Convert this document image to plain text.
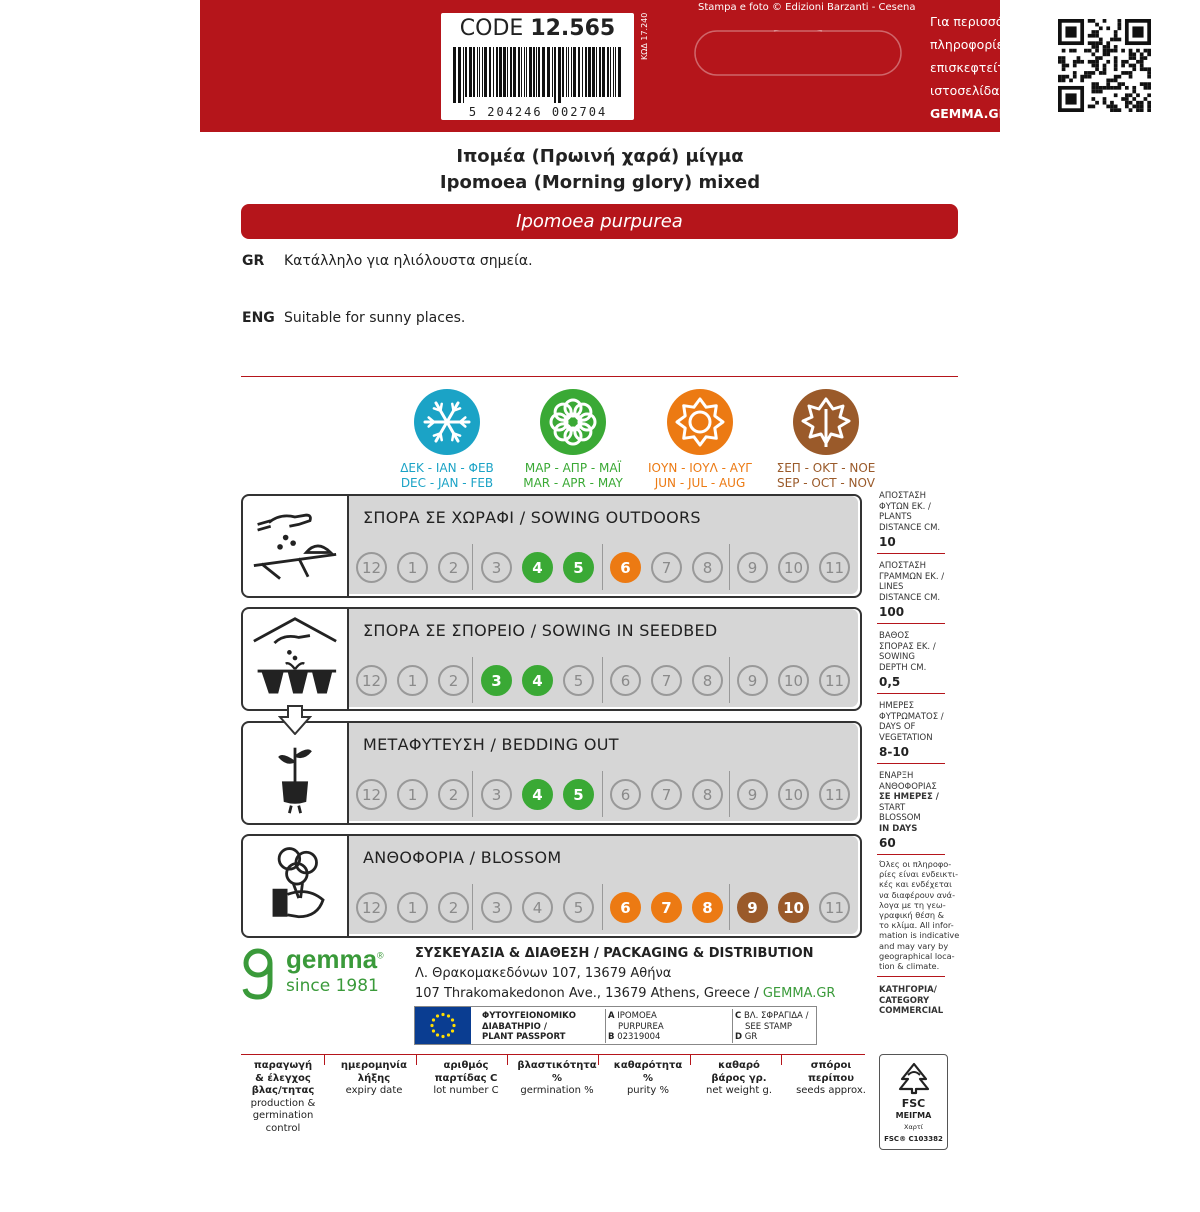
CODE 12.565
5 204246 002704
ΚΩΔ 17.240
Stampa e foto © Edizioni Barzanti - Cesena
Για περισσότερες
πληροφορίες
επισκεφτείτε την
ιστοσελίδα μας
GEMMA.GR
Ιπομέα (Πρωινή χαρά) μίγμα
Ipomoea (Morning glory) mixed
Ipomoea purpurea
GR Κατάλληλο για ηλιόλουστα σημεία.
ENG Suitable for sunny places.
ΔΕΚ - ΙΑΝ - ΦΕΒ
DEC - JAN - FEB
ΜΑΡ - ΑΠΡ - ΜΑΪ
MAR - APR - MAY
ΙΟΥΝ - ΙΟΥΛ - ΑΥΓ
JUN - JUL - AUG
ΣΕΠ - ΟΚΤ - ΝΟΕ
SEP - OCT - NOV
ΣΠΟΡΑ ΣΕ ΧΩΡΑΦΙ / SOWING OUTDOORS
12	1	2	3	4	5	6	7	8	9	10	11
ΣΠΟΡΑ ΣΕ ΣΠΟΡΕΙΟ / SOWING IN SEEDBED
12	1	2	3	4	5	6	7	8	9	10	11
ΜΕΤΑΦΥΤΕΥΣΗ / BEDDING OUT
12	1	2	3	4	5	6	7	8	9	10	11
ΑΝΘΟΦΟΡΙΑ / BLOSSOM
12	1	2	3	4	5	6	7	8	9	10	11
ΑΠΟΣΤΑΣΗ
ΦΥΤΩΝ ΕΚ. /
PLANTS
DISTANCE CM.
10
ΑΠΟΣΤΑΣΗ
ΓΡΑΜΜΩΝ ΕΚ. /
LINES
DISTANCE CM.
100
ΒΑΘΟΣ
ΣΠΟΡΑΣ ΕΚ. /
SOWING
DEPTH CM.
0,5
ΗΜΕΡΕΣ
ΦΥΤΡΩΜΑΤΟΣ /
DAYS OF
VEGETATION
8-10
ΕΝΑΡΞΗ
ΑΝΘΟΦΟΡΙΑΣ
ΣΕ ΗΜΕΡΕΣ /
START
BLOSSOM
IN DAYS
60
Όλες οι πληροφο-
ρίες είναι ενδεικτι-
κές και ενδέχεται
να διαφέρουν ανά-
λογα με τη γεω-
γραφική θέση &
το κλίμα. All infor-
mation is indicative
and may vary by
geographical loca-
tion & climate.
ΚΑΤΗΓΟΡΙΑ/
CATEGORY
COMMERCIAL
gemma®
since 1981
ΣΥΣΚΕΥΑΣΙΑ & ΔΙΑΘΕΣΗ / PACKAGING & DISTRIBUTION
Λ. Θρακομακεδόνων 107, 13679 Αθήνα
107 Thrakomakedonon Ave., 13679 Athens, Greece / GEMMA.GR
ΦΥΤΟΥΓΕΙΟΝΟΜΙΚΟ
ΔΙΑΒΑΤΗΡΙΟ /
PLANT PASSPORT
A IPOMOEA
PURPUREA
B 02319004
C ΒΛ. ΣΦΡΑΓΙΔΑ /
SEE STAMP
D GR
παραγωγή
& έλεγχος
βλας/τητας
production &
germination
control
ημερομηνία
λήξης
expiry date
αριθμός
παρτίδας C
lot number C
βλαστικότητα %
germination %
καθαρότητα %
purity %
καθαρό
βάρος γρ.
net weight g.
σπόροι
περίπου
seeds approx.
FSC
ΜΕΙΓΜΑ
Χαρτί
FSC® C103382
